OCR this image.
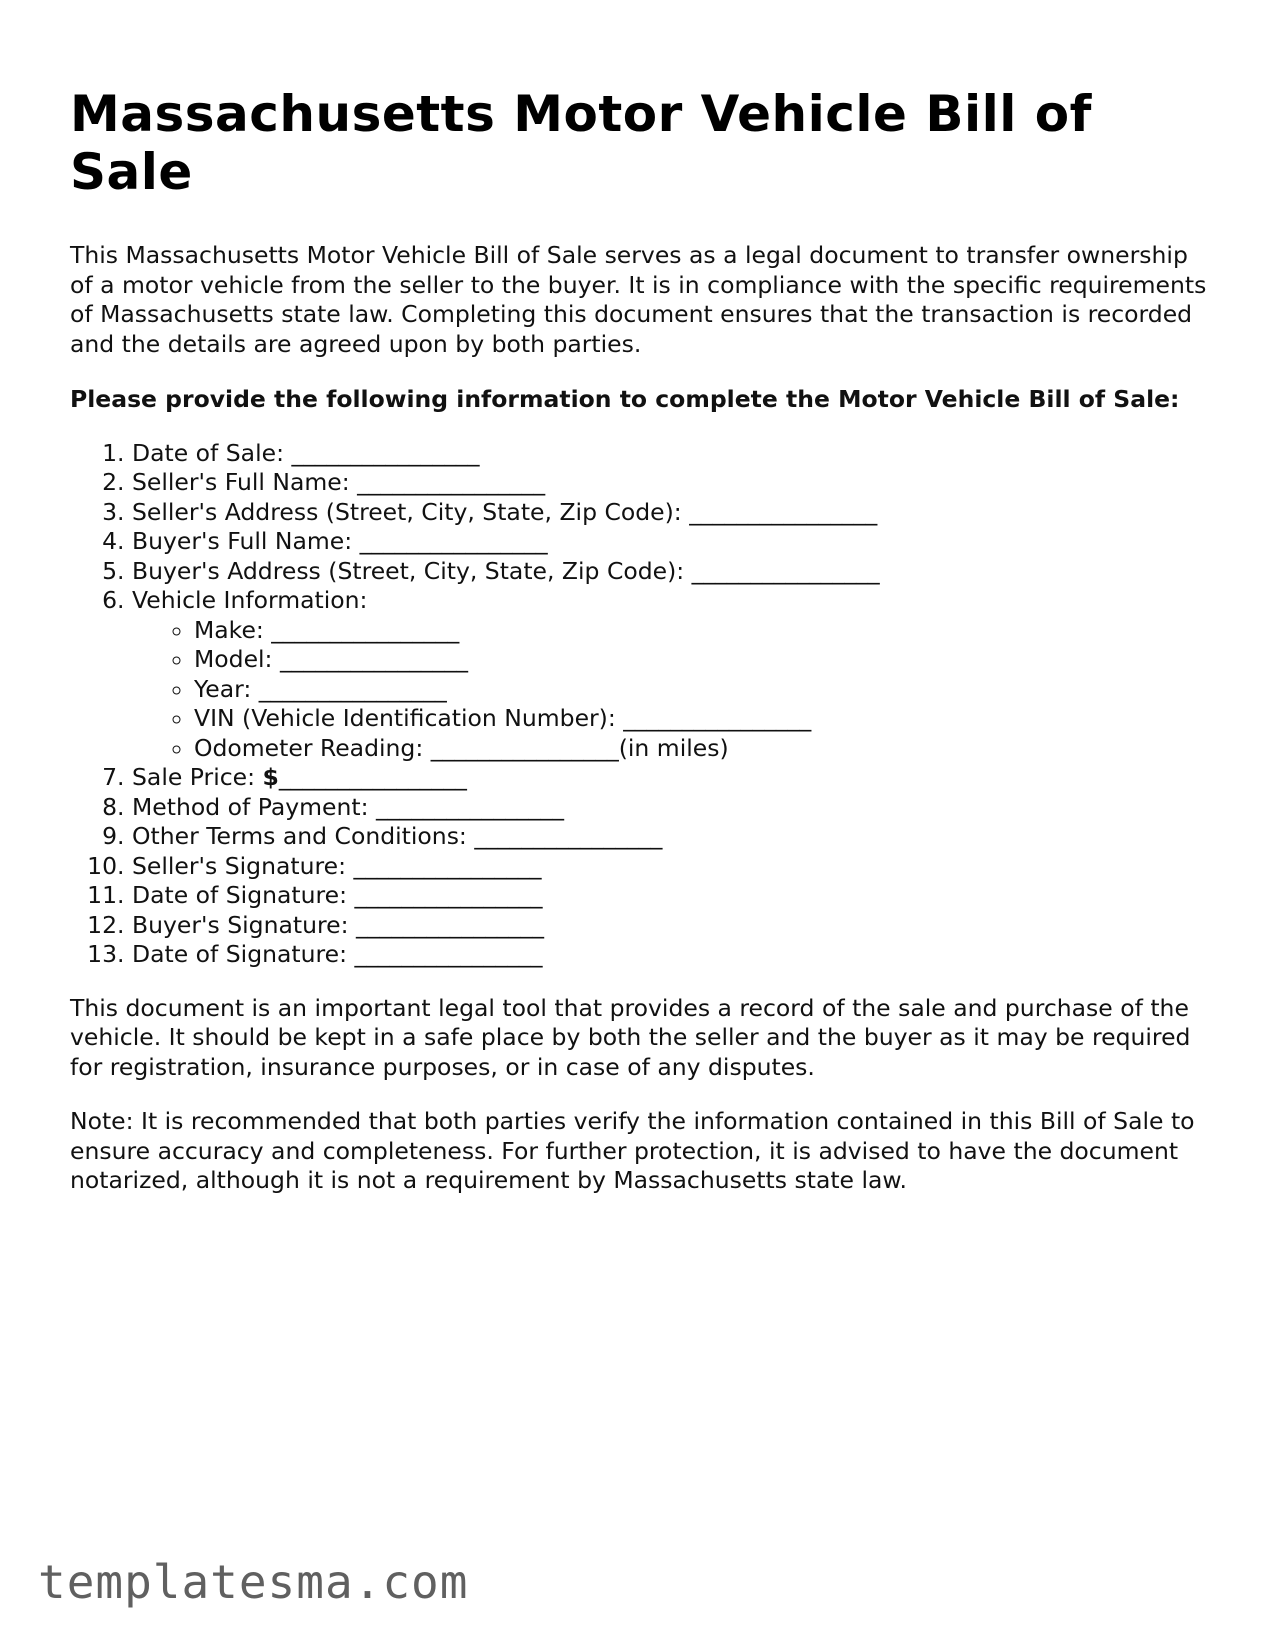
Massachusetts Motor Vehicle Bill of Sale

This Massachusetts Motor Vehicle Bill of Sale serves as a legal document to transfer ownership of a motor vehicle from the seller to the buyer. It is in compliance with the specific requirements of Massachusetts state law. Completing this document ensures that the transaction is recorded and the details are agreed upon by both parties.

Please provide the following information to complete the Motor Vehicle Bill of Sale:

1. Date of Sale: ________________
2. Seller's Full Name: ________________
3. Seller's Address (Street, City, State, Zip Code): ________________
4. Buyer's Full Name: ________________
5. Buyer's Address (Street, City, State, Zip Code): ________________
6. Vehicle Information:
◦ Make: ________________
◦ Model: ________________
◦ Year: ________________
◦ VIN (Vehicle Identification Number): ________________
◦ Odometer Reading: ________________(in miles)
7. Sale Price: $________________
8. Method of Payment: ________________
9. Other Terms and Conditions: ________________
10. Seller's Signature: ________________
11. Date of Signature: ________________
12. Buyer's Signature: ________________
13. Date of Signature: ________________

This document is an important legal tool that provides a record of the sale and purchase of the vehicle. It should be kept in a safe place by both the seller and the buyer as it may be required for registration, insurance purposes, or in case of any disputes.

Note: It is recommended that both parties verify the information contained in this Bill of Sale to ensure accuracy and completeness. For further protection, it is advised to have the document notarized, although it is not a requirement by Massachusetts state law.

templatesma.com
